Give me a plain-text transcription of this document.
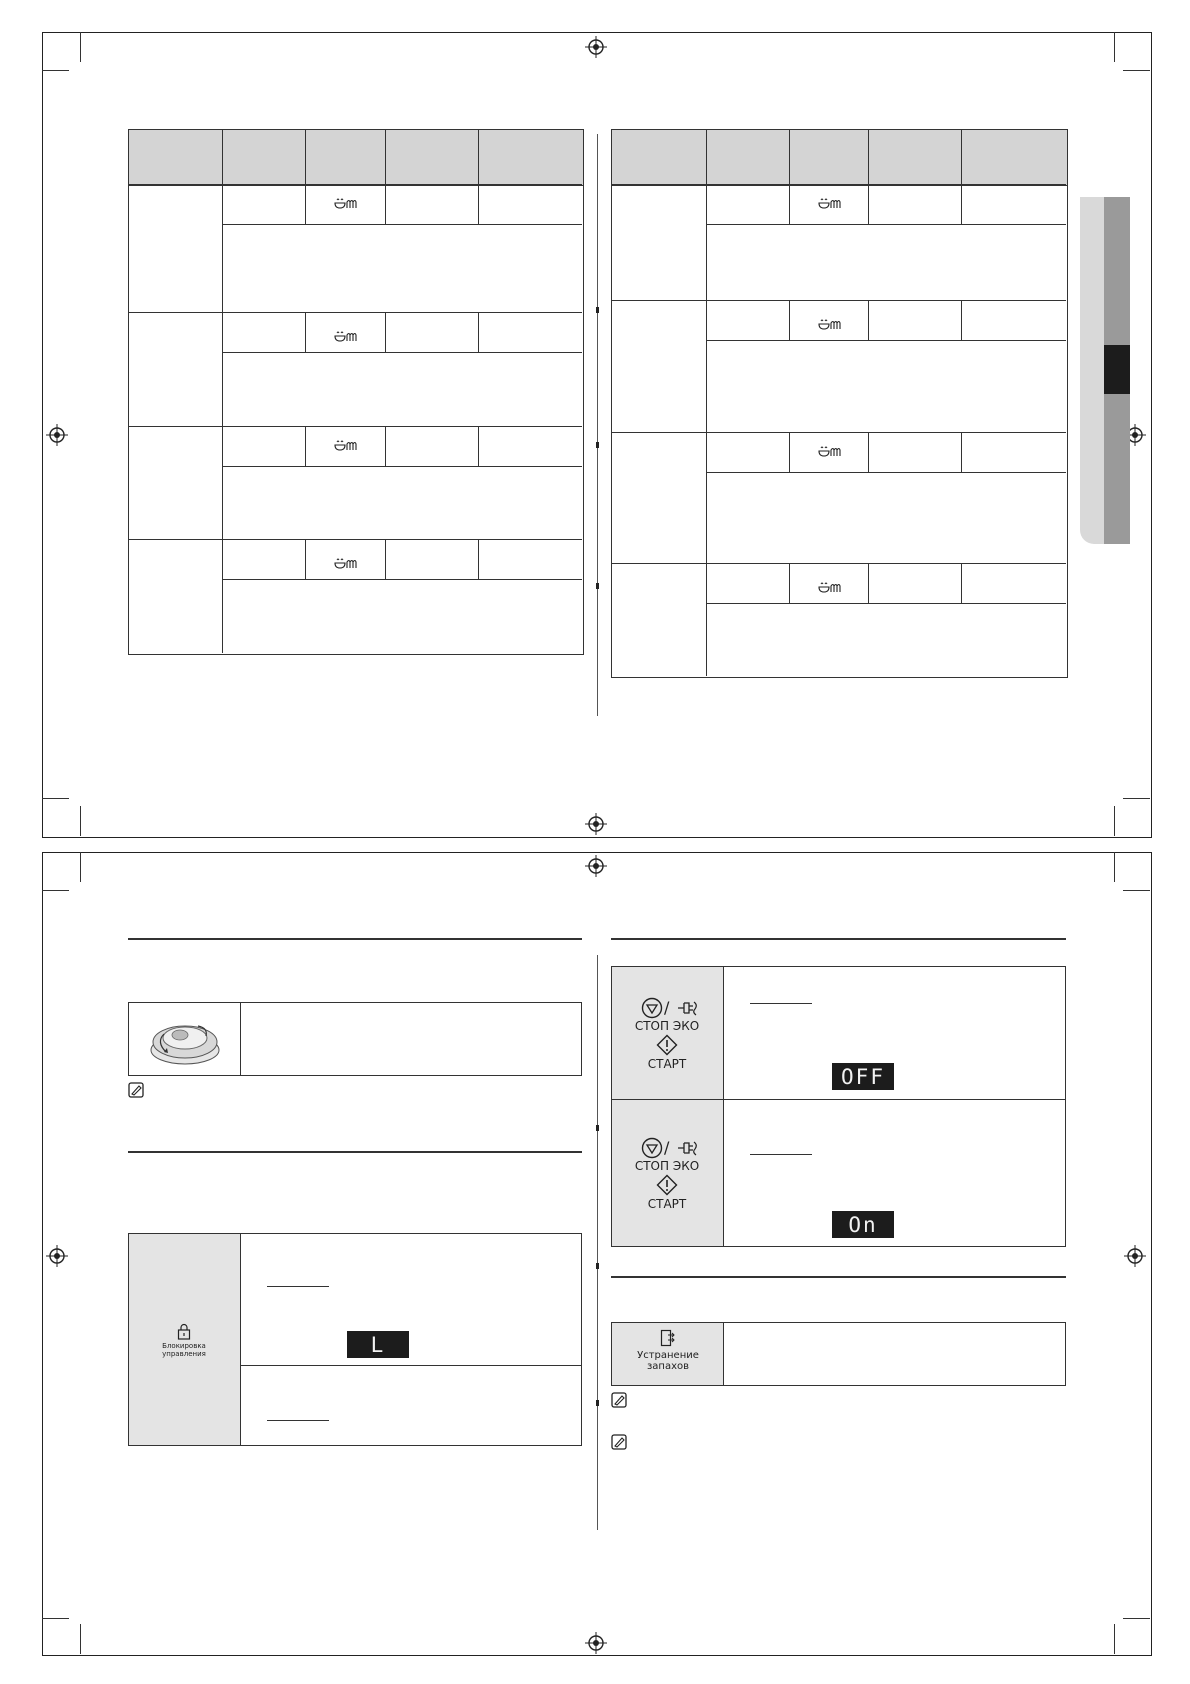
Блокировка управления	L
/
СТОП ЭКО
СТАРТ
OFF
/
СТОП ЭКО
СТАРТ
On
Устранение запахов
